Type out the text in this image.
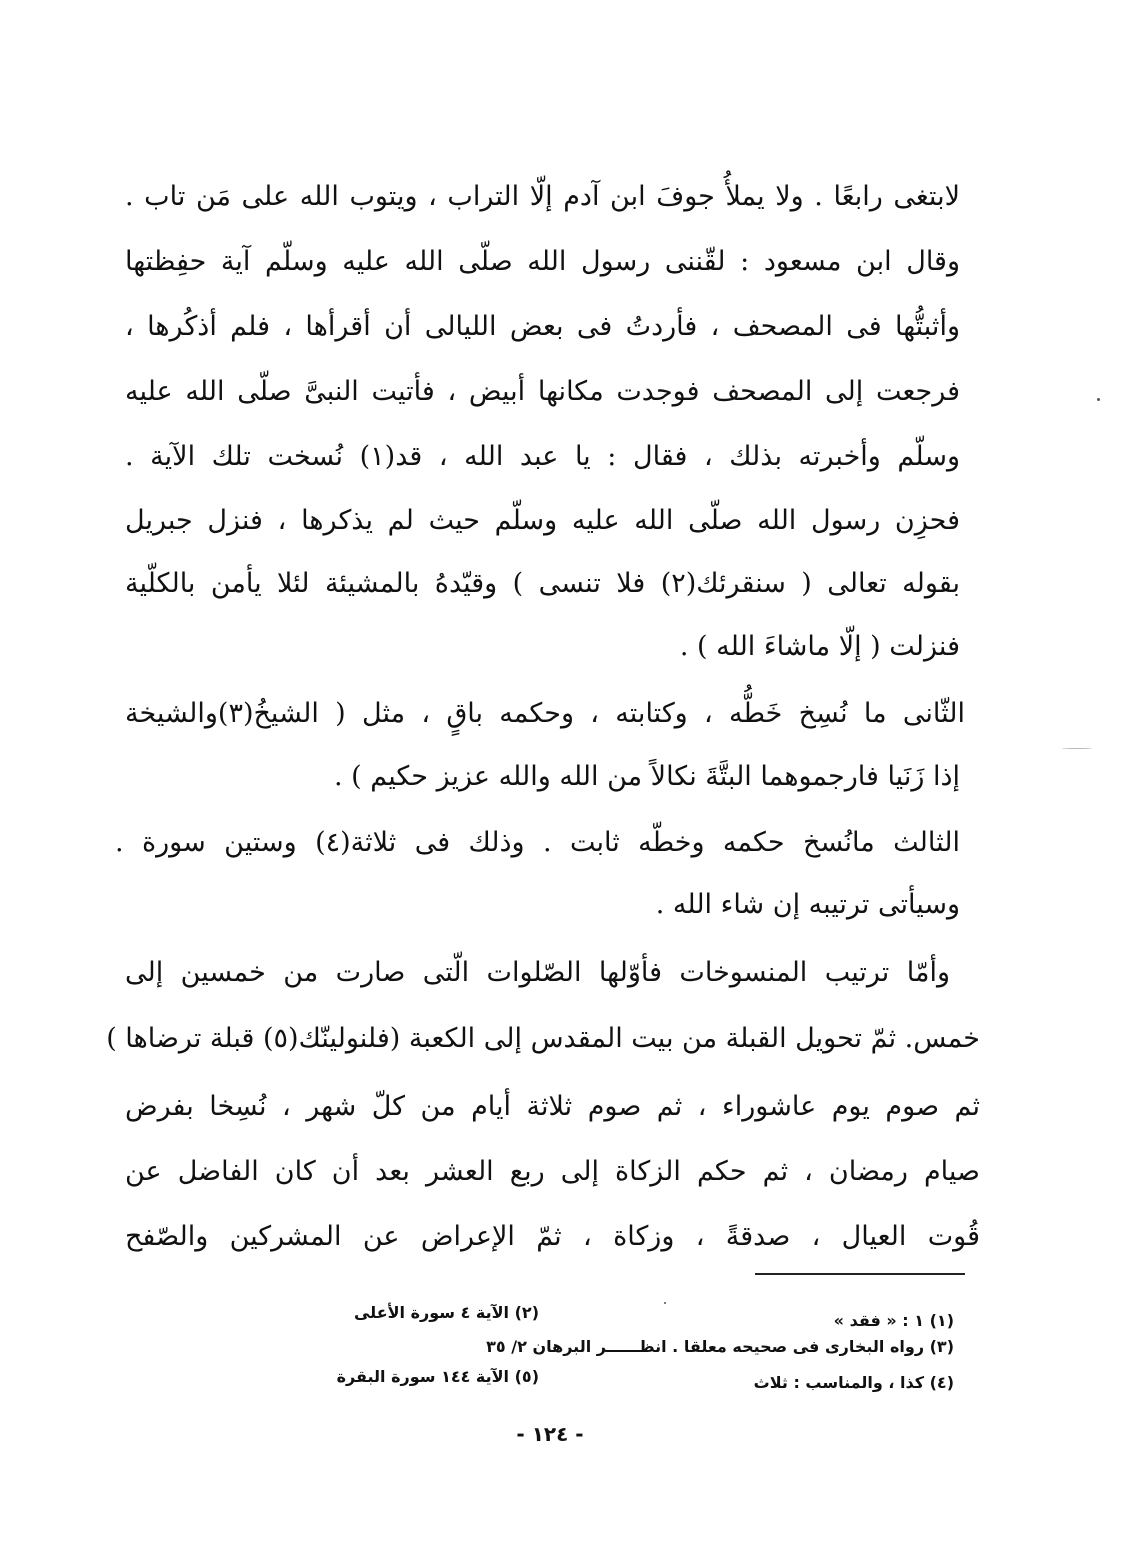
لابتغى رابعًا . ولا يملأُ جوفَ ابن آدم إلّا التراب ، ويتوب الله على مَن تاب .
وقال ابن مسعود : لقّننى رسول الله صلّى الله عليه وسلّم آية حفِظتها
وأثبتُّها فى المصحف ، فأردتُ فى بعض الليالى أن أقرأها ، فلم أذكُرها ،
فرجعت إلى المصحف فوجدت مكانها أبيض ، فأتيت النبىَّ صلّى الله عليه
وسلّم وأخبرته بذلك ، فقال : يا عبد الله ، قد(١) نُسخت تلك الآية .
فحزِن رسول الله صلّى الله عليه وسلّم حيث لم يذكرها ، فنزل جبريل
بقوله تعالى ( سنقرئك(٢) فلا تنسى ) وقيّدهُ بالمشيئة لئلا يأمن بالكلّية
فنزلت ( إلّا ماشاءَ الله ) .
الثّانى ما نُسِخ خَطُّه ، وكتابته ، وحكمه باقٍ ، مثل ( الشيخُ(٣)والشيخة
إذا زَنَيا فارجموهما البتَّةَ نكالاً من الله والله عزيز حكيم ) .
الثالث مانُسخ حكمه وخطّه ثابت . وذلك فى ثلاثة(٤) وستين سورة .
وسيأتى ترتيبه إن شاء الله .
وأمّا ترتيب المنسوخات فأوّلها الصّلوات الّتى صارت من خمسين إلى
خمس. ثمّ تحويل القبلة من بيت المقدس إلى الكعبة (فلنولينّك(٥) قبلة ترضاها )
ثم صوم يوم عاشوراء ، ثم صوم ثلاثة أيام من كلّ شهر ، نُسِخا بفرض
صيام رمضان ، ثم حكم الزكاة إلى ربع العشر بعد أن كان الفاضل عن
قُوت العيال ، صدقةً ، وزكاة ، ثمّ الإعراض عن المشركين والصّفح
(١) ١ : « فقد »
(٢) الآية ٤ سورة الأعلى
(٣) رواه البخارى فى صحيحه معلقا . انظــــــر البرهان ٢/ ٣٥
(٤) كذا ، والمناسب : ثلاث
(٥) الآية ١٤٤ سورة البقرة
- ١٢٤ -
